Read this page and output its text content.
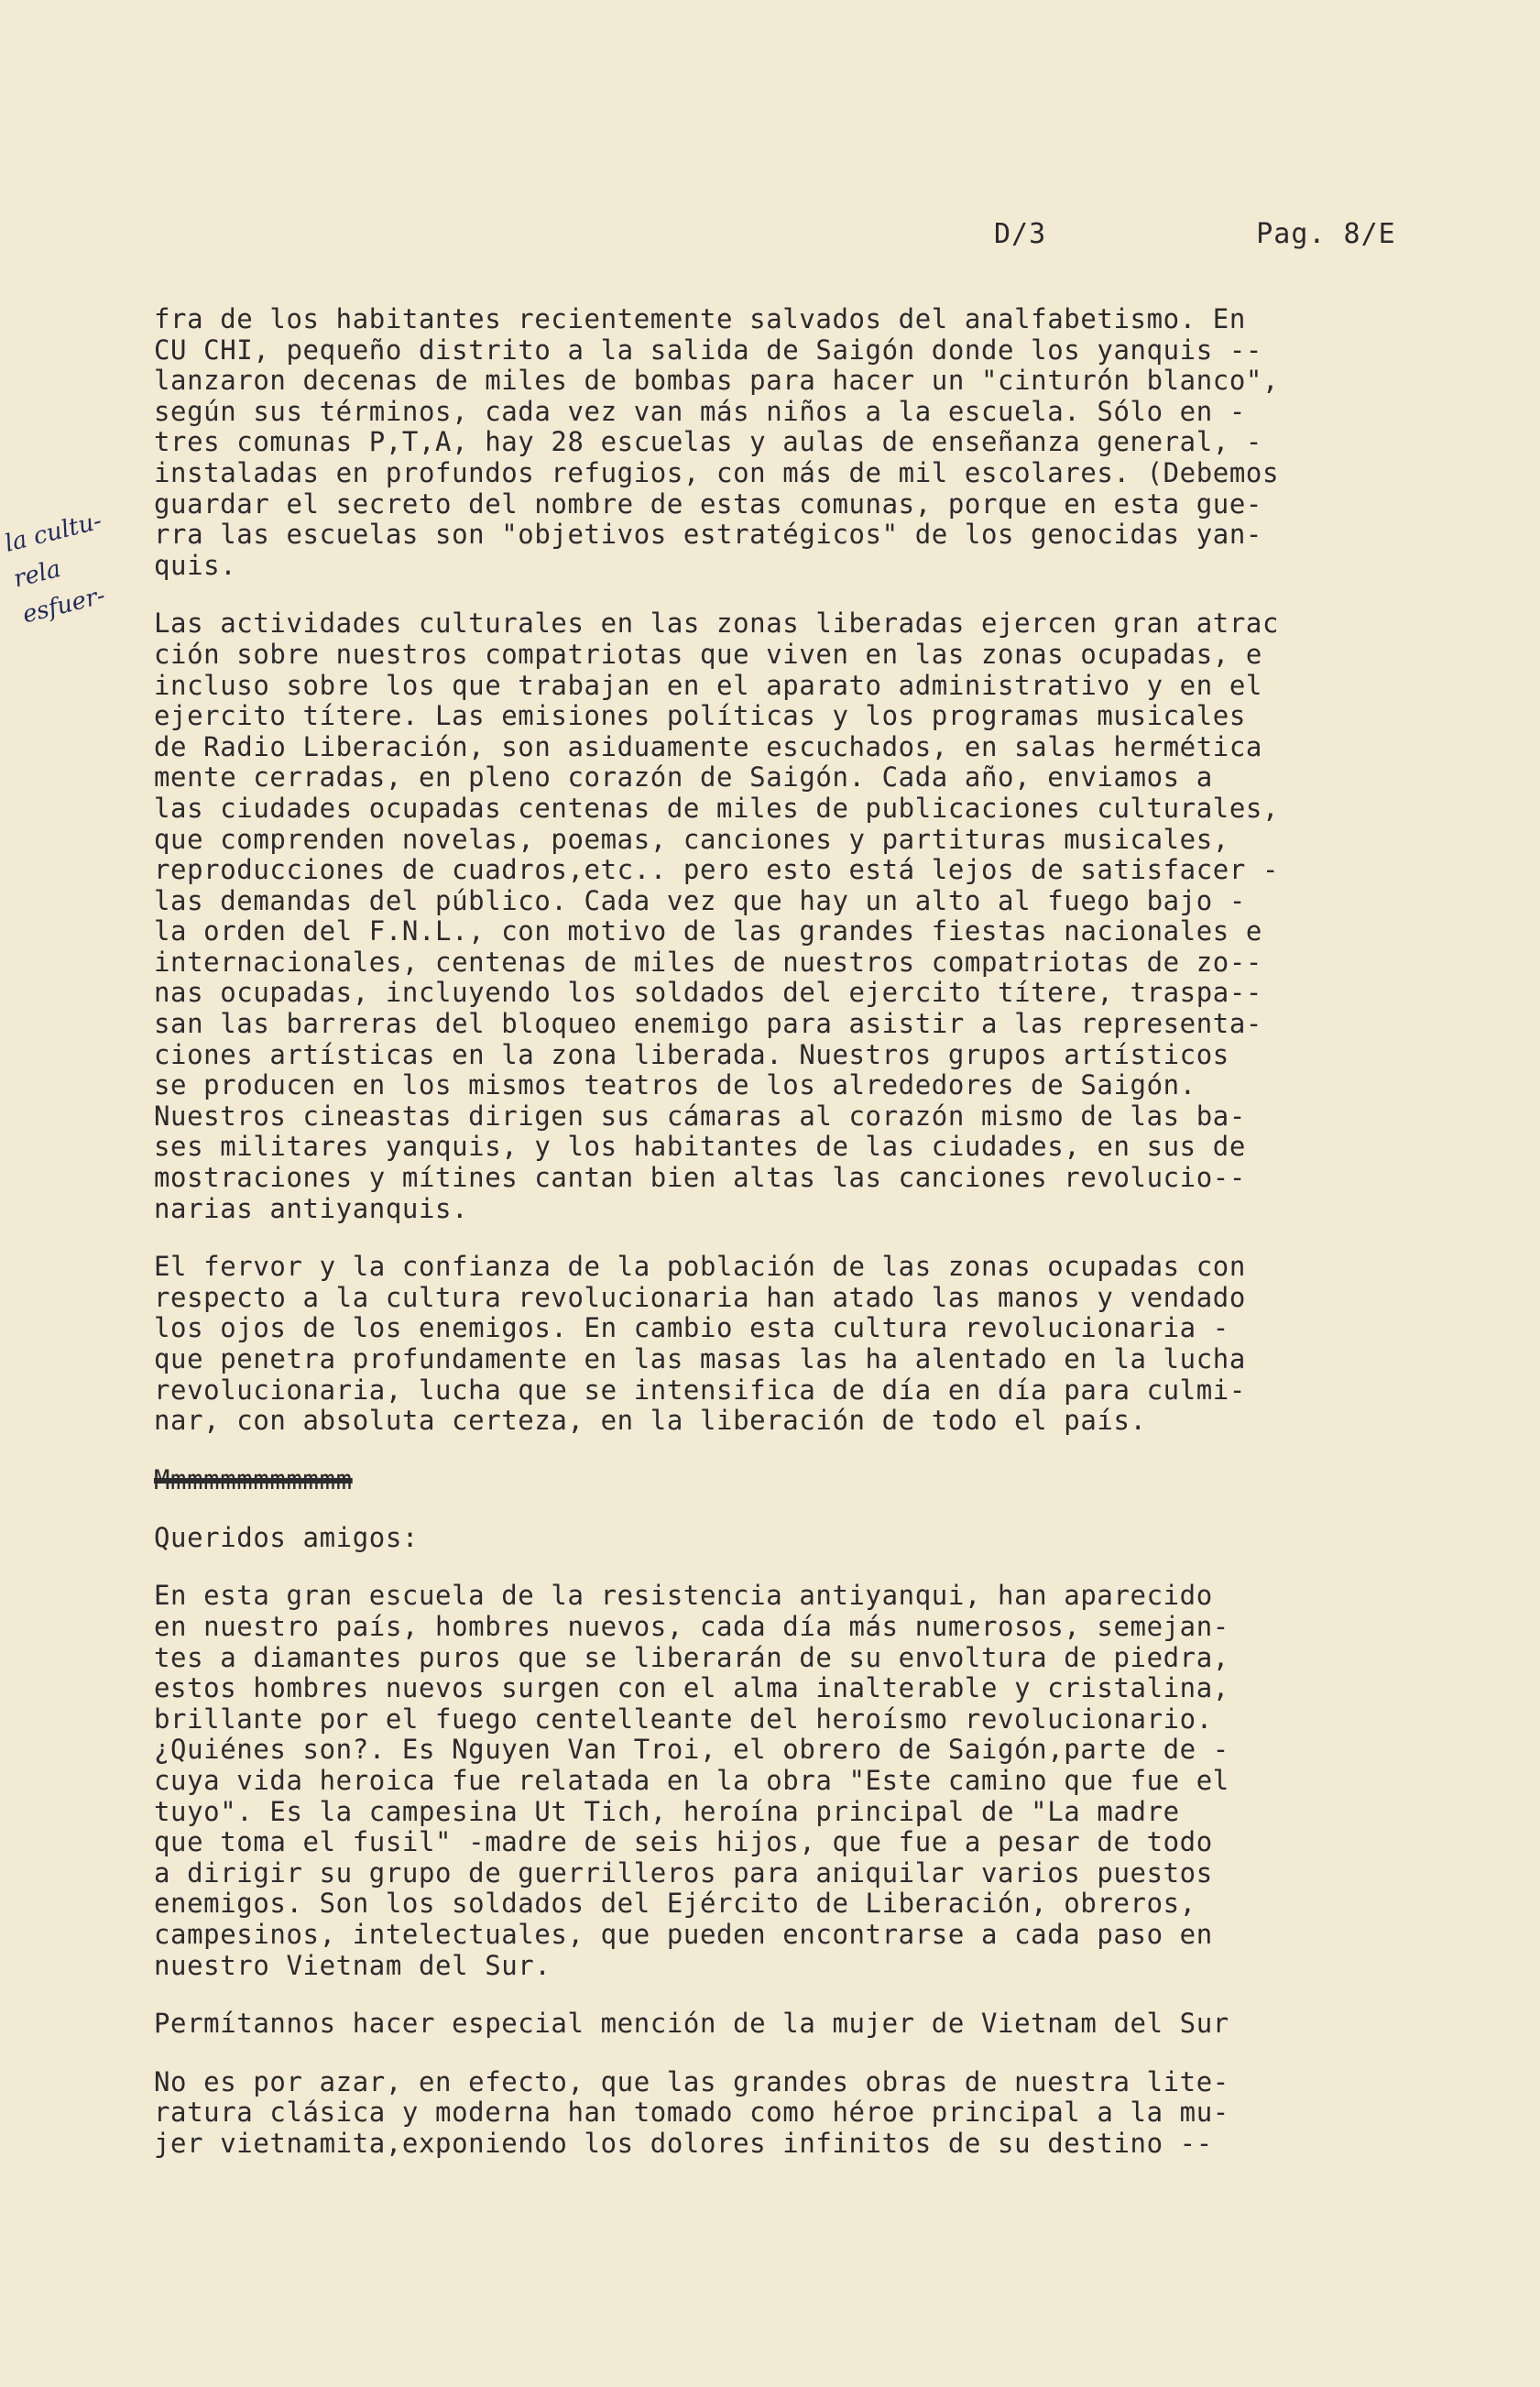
D/3	Pag. 8/E
la cultu-
rela
esfuer-
fra de los habitantes recientemente salvados del analfabetismo. En
CU CHI, pequeño distrito a la salida de Saigón donde los yanquis --
lanzaron decenas de miles de bombas para hacer un "cinturón blanco",
según sus términos, cada vez van más niños a la escuela. Sólo en -
tres comunas P,T,A, hay 28 escuelas y aulas de enseñanza general, -
instaladas en profundos refugios, con más de mil escolares. (Debemos
guardar el secreto del nombre de estas comunas, porque en esta gue-
rra las escuelas son "objetivos estratégicos" de los genocidas yan-
quis.
Las actividades culturales en las zonas liberadas ejercen gran atrac
ción sobre nuestros compatriotas que viven en las zonas ocupadas, e
incluso sobre los que trabajan en el aparato administrativo y en el
ejercito títere. Las emisiones políticas y los programas musicales
de Radio Liberación, son asiduamente escuchados, en salas hermética
mente cerradas, en pleno corazón de Saigón. Cada año, enviamos a
las ciudades ocupadas centenas de miles de publicaciones culturales,
que comprenden novelas, poemas, canciones y partituras musicales,
reproducciones de cuadros,etc.. pero esto está lejos de satisfacer -
las demandas del público. Cada vez que hay un alto al fuego bajo -
la orden del F.N.L., con motivo de las grandes fiestas nacionales e
internacionales, centenas de miles de nuestros compatriotas de zo--
nas ocupadas, incluyendo los soldados del ejercito títere, traspa--
san las barreras del bloqueo enemigo para asistir a las representa-
ciones artísticas en la zona liberada. Nuestros grupos artísticos
se producen en los mismos teatros de los alrededores de Saigón.
Nuestros cineastas dirigen sus cámaras al corazón mismo de las ba-
ses militares yanquis, y los habitantes de las ciudades, en sus de
mostraciones y mítines cantan bien altas las canciones revolucio--
narias antiyanquis.
El fervor y la confianza de la población de las zonas ocupadas con
respecto a la cultura revolucionaria han atado las manos y vendado
los ojos de los enemigos. En cambio esta cultura revolucionaria -
que penetra profundamente en las masas las ha alentado en la lucha
revolucionaria, lucha que se intensifica de día en día para culmi-
nar, con absoluta certeza, en la liberación de todo el país.
Mmmmmmmmmmmm
Queridos amigos:
En esta gran escuela de la resistencia antiyanqui, han aparecido
en nuestro país, hombres nuevos, cada día más numerosos, semejan-
tes a diamantes puros que se liberarán de su envoltura de piedra,
estos hombres nuevos surgen con el alma inalterable y cristalina,
brillante por el fuego centelleante del heroísmo revolucionario.
¿Quiénes son?. Es Nguyen Van Troi, el obrero de Saigón,parte de -
cuya vida heroica fue relatada en la obra "Este camino que fue el
tuyo". Es la campesina Ut Tich, heroína principal de "La madre
que toma el fusil" -madre de seis hijos, que fue a pesar de todo
a dirigir su grupo de guerrilleros para aniquilar varios puestos
enemigos. Son los soldados del Ejército de Liberación, obreros,
campesinos, intelectuales, que pueden encontrarse a cada paso en
nuestro Vietnam del Sur.
Permítannos hacer especial mención de la mujer de Vietnam del Sur
No es por azar, en efecto, que las grandes obras de nuestra lite-
ratura clásica y moderna han tomado como héroe principal a la mu-
jer vietnamita,exponiendo los dolores infinitos de su destino --
